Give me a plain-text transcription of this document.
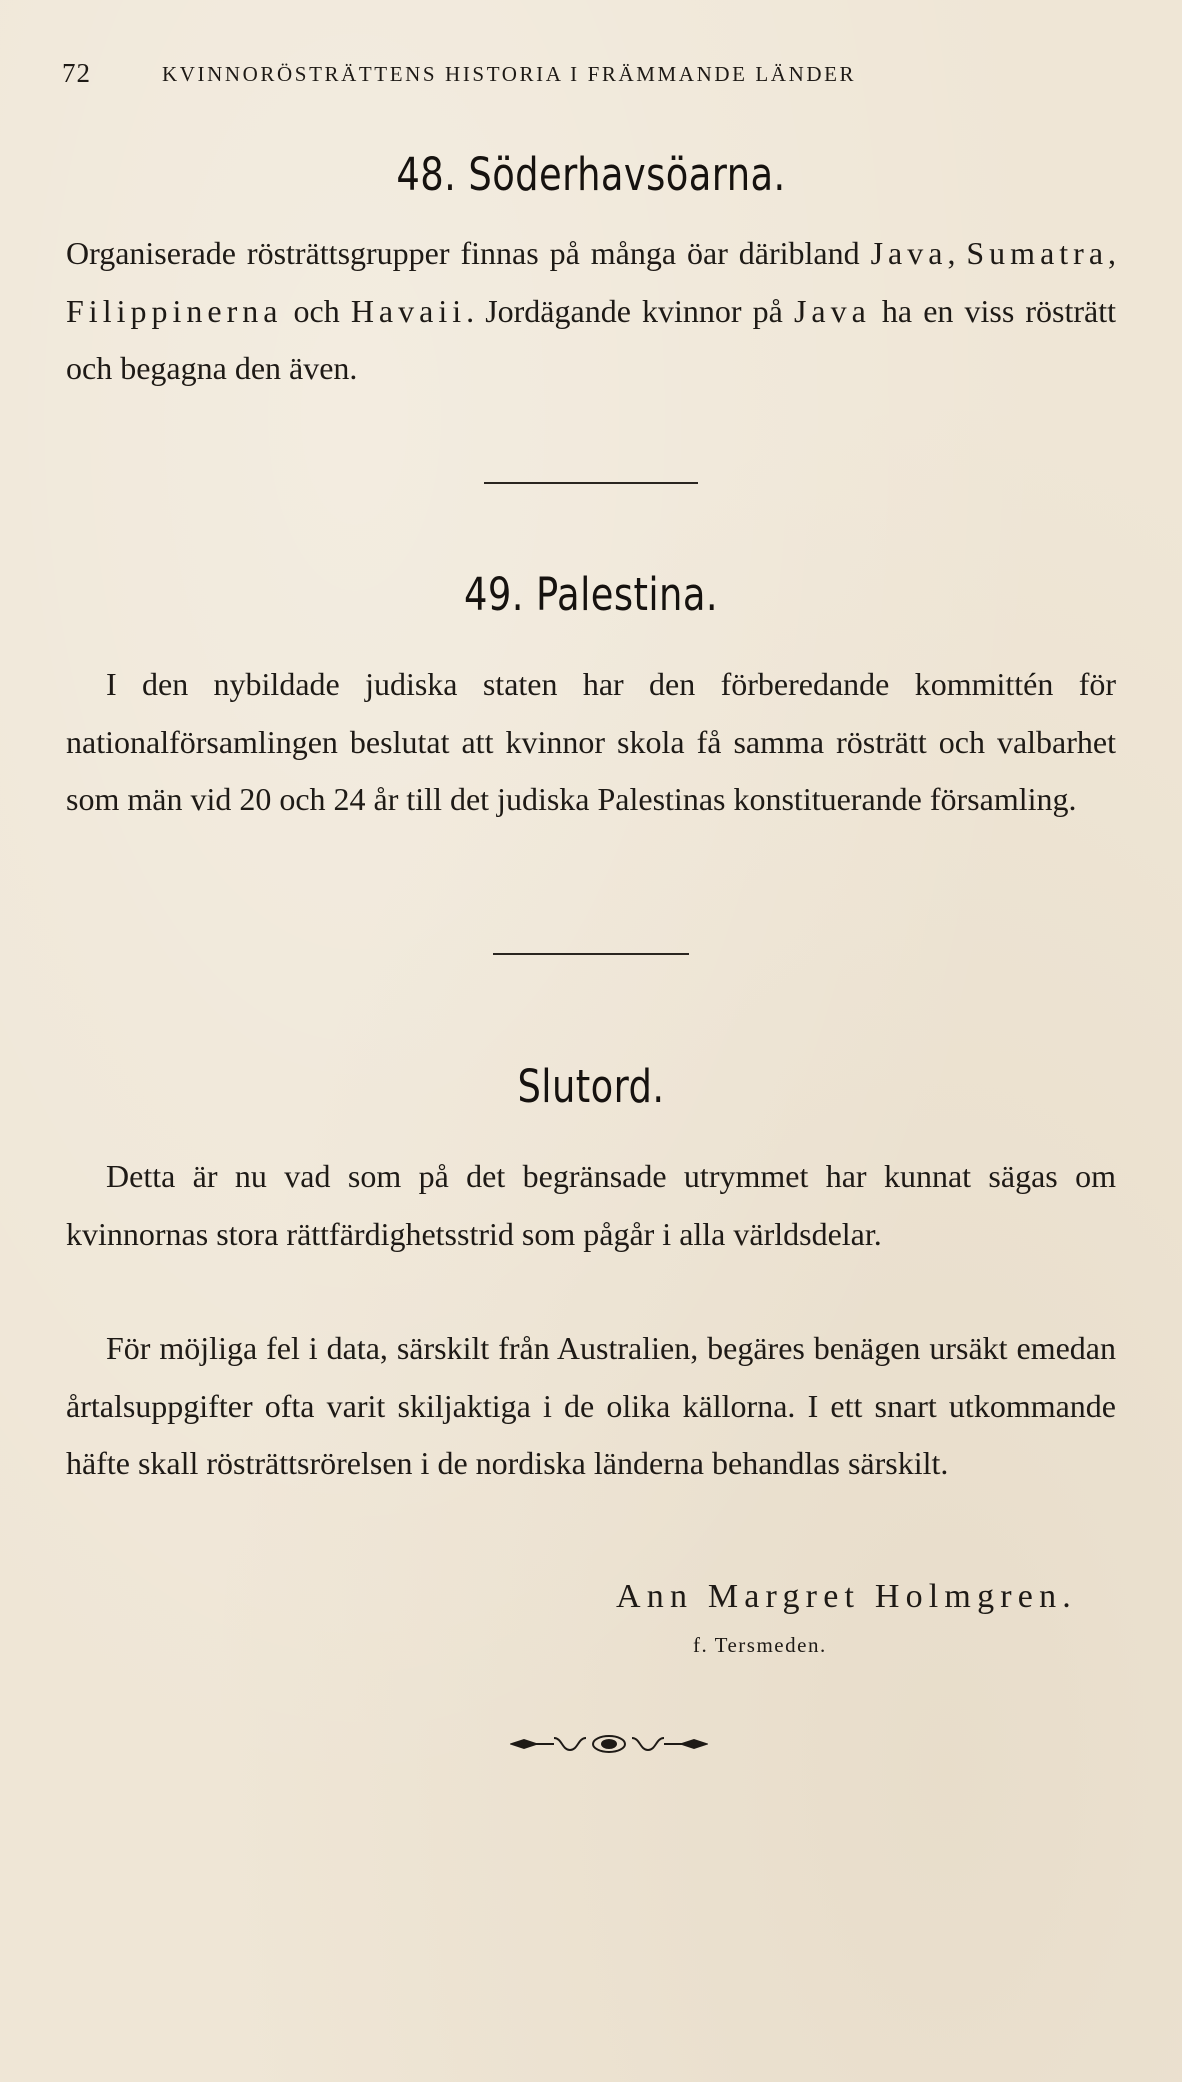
72	KVINNORÖSTRÄTTENS HISTORIA I FRÄMMANDE LÄNDER
48. Söderhavsöarna.

Organiserade rösträttsgrupper finnas på många öar däribland Java, Sumatra, Filippinerna och Havaii. Jordägande kvinnor på Java ha en viss rösträtt och begagna den även.

49. Palestina.

I den nybildade judiska staten har den förberedande kommittén för nationalförsamlingen beslutat att kvinnor skola få samma rösträtt och valbarhet som män vid 20 och 24 år till det judiska Palestinas konstituerande församling.

Slutord.

Detta är nu vad som på det begränsade utrymmet har kunnat sägas om kvinnornas stora rättfärdighetsstrid som pågår i alla världsdelar.

För möjliga fel i data, särskilt från Australien, begäres benägen ursäkt emedan årtalsuppgifter ofta varit skiljaktiga i de olika källorna. I ett snart utkommande häfte skall rösträttsrörelsen i de nordiska länderna behandlas särskilt.

Ann Margret Holmgren.
f. Tersmeden.
